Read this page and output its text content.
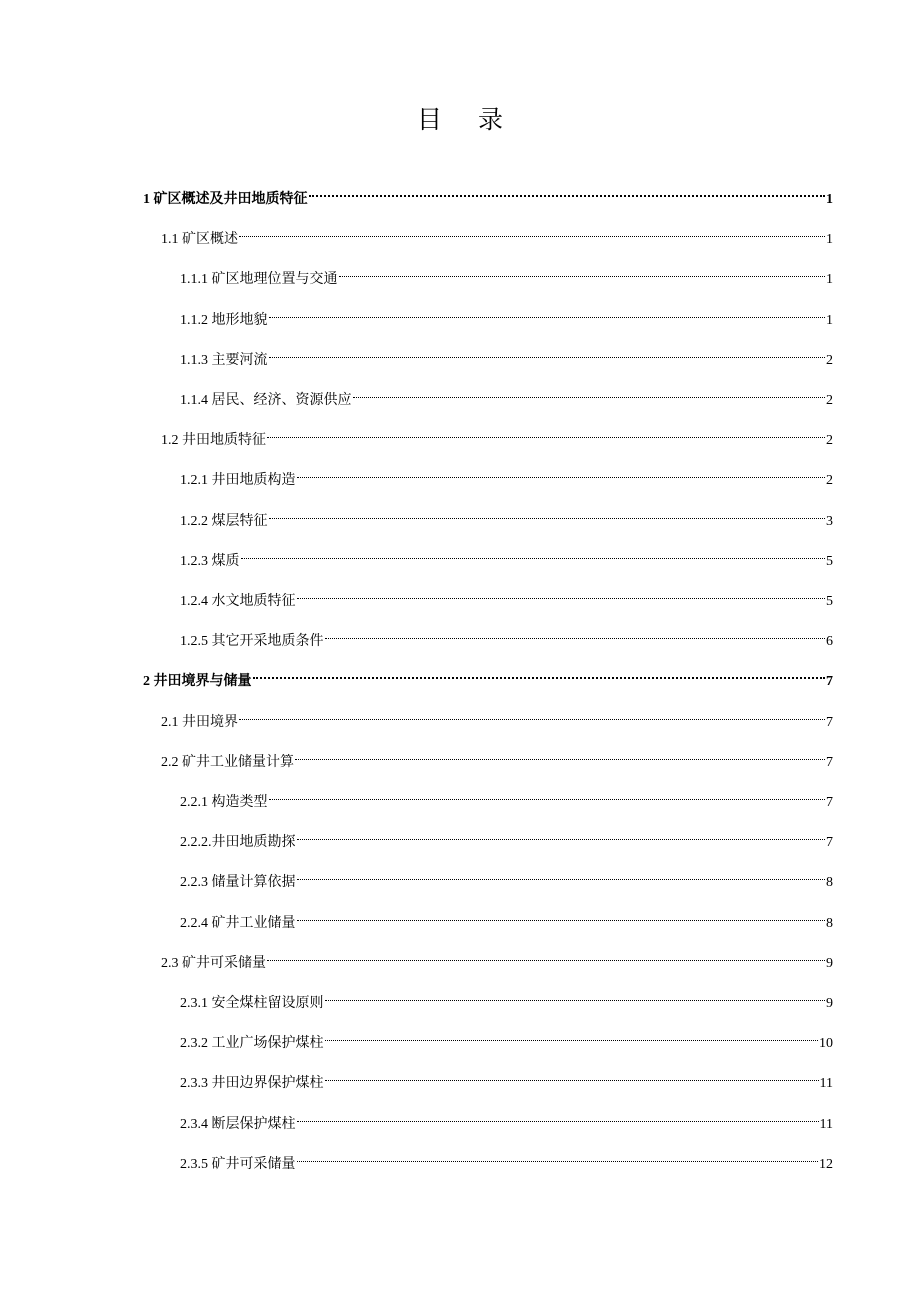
目 录
1 矿区概述及井田地质特征	1
1.1 矿区概述	1
1.1.1 矿区地理位置与交通	1
1.1.2 地形地貌	1
1.1.3 主要河流	2
1.1.4 居民、经济、资源供应	2
1.2 井田地质特征	2
1.2.1 井田地质构造	2
1.2.2 煤层特征	3
1.2.3 煤质	5
1.2.4 水文地质特征	5
1.2.5 其它开采地质条件	6
2 井田境界与储量	7
2.1 井田境界	7
2.2 矿井工业储量计算	7
2.2.1 构造类型	7
2.2.2.井田地质勘探	7
2.2.3 储量计算依据	8
2.2.4 矿井工业储量	8
2.3 矿井可采储量	9
2.3.1 安全煤柱留设原则	9
2.3.2 工业广场保护煤柱	10
2.3.3 井田边界保护煤柱	11
2.3.4 断层保护煤柱	11
2.3.5 矿井可采储量	12
